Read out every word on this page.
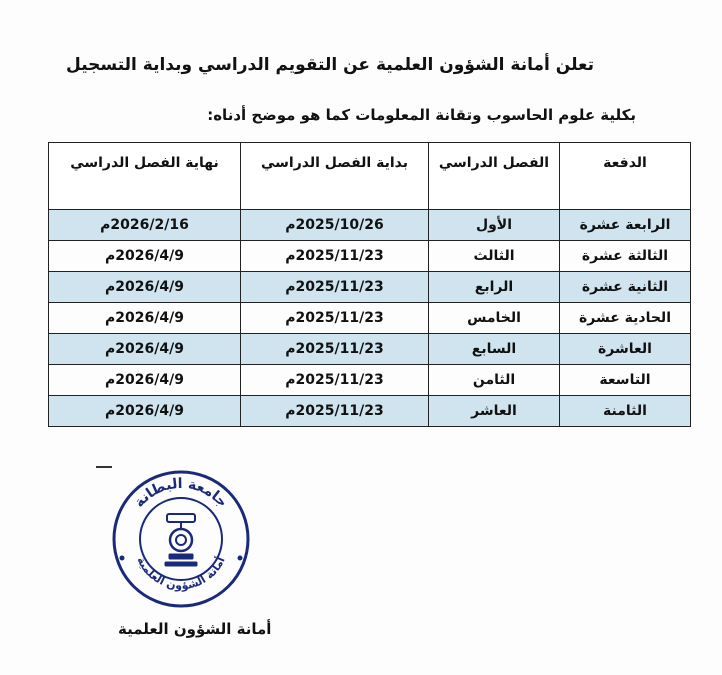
تعلن أمانة الشؤون العلمية عن التقويم الدراسي وبداية التسجيل
بكلية علوم الحاسوب وتقانة المعلومات كما هو موضح أدناه:
الدفعة	الفصل الدراسي	بداية الفصل الدراسي	نهاية الفصل الدراسي
الرابعة عشرة	الأول	2025/10/26م	2026/2/16م
الثالثة عشرة	الثالث	2025/11/23م	2026/4/9م
الثانية عشرة	الرابع	2025/11/23م	2026/4/9م
الحادية عشرة	الخامس	2025/11/23م	2026/4/9م
العاشرة	السابع	2025/11/23م	2026/4/9م
التاسعة	الثامن	2025/11/23م	2026/4/9م
الثامنة	العاشر	2025/11/23م	2026/4/9م
جامعة البطانة
أمانة الشؤون العلمية
أمانة الشؤون العلمية
